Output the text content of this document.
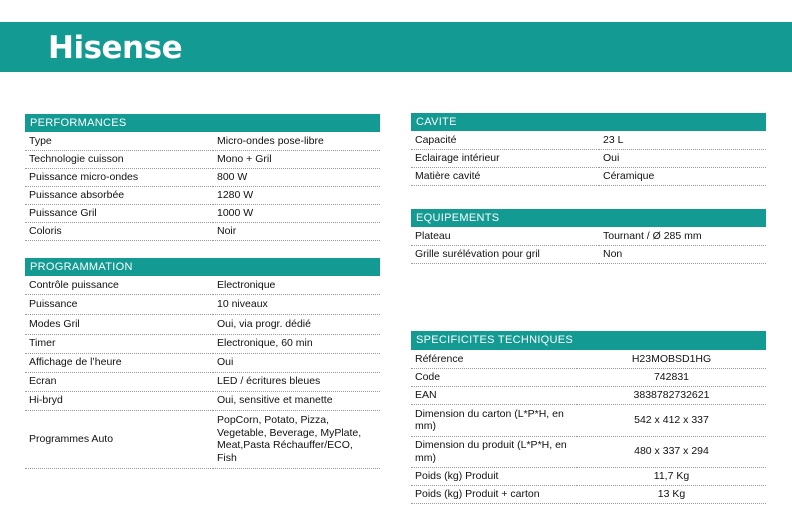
Hisense
PERFORMANCES
Type	Micro-ondes pose-libre
Technologie cuisson	Mono + Gril
Puissance micro-ondes	800 W
Puissance absorbée	1280 W
Puissance Gril	1000 W
Coloris	Noir
PROGRAMMATION
Contrôle puissance	Electronique
Puissance	10 niveaux
Modes Gril	Oui, via progr. dédié
Timer	Electronique, 60 min
Affichage de l’heure	Oui
Ecran	LED / écritures bleues
Hi-bryd	Oui, sensitive et manette
Programmes Auto	PopCorn, Potato, Pizza, Vegetable, Beverage, MyPlate, Meat,Pasta Réchauffer/ECO, Fish
CAVITE
Capacité	23 L
Eclairage intérieur	Oui
Matière cavité	Céramique
EQUIPEMENTS
Plateau	Tournant / Ø 285 mm
Grille surélévation pour gril	Non
SPECIFICITES TECHNIQUES
Référence	H23MOBSD1HG
Code	742831
EAN	3838782732621
Dimension du carton (L*P*H, en mm)	542 x 412 x 337
Dimension du produit (L*P*H, en mm)	480 x 337 x 294
Poids (kg) Produit	11,7 Kg
Poids (kg) Produit + carton	13 Kg
